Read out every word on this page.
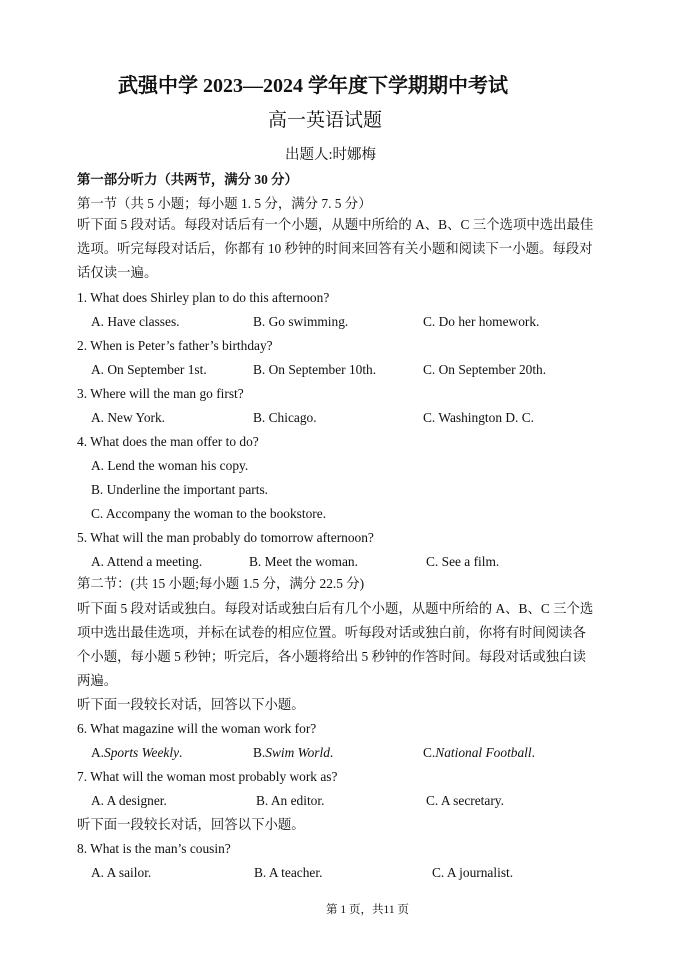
武强中学 2023—2024 学年度下学期期中考试
高一英语试题
出题人:时娜梅
第一部分听力（共两节，满分 30 分）
第一节（共 5 小题；每小题 1. 5 分，满分 7. 5 分）
听下面 5 段对话。每段对话后有一个小题，从题中所给的 A、B、C 三个选项中选出最佳
选项。听完每段对话后，你都有 10 秒钟的时间来回答有关小题和阅读下一小题。每段对
话仅读一遍。
1. What does Shirley plan to do this afternoon?
A. Have classes.	B. Go swimming.	C. Do her homework.
2. When is Peter’s father’s birthday?
A. On September 1st.	B. On September 10th.	C. On September 20th.
3. Where will the man go first?
A. New York.	B. Chicago.	C. Washington D. C.
4. What does the man offer to do?
A. Lend the woman his copy.
B. Underline the important parts.
C. Accompany the woman to the bookstore.
5. What will the man probably do tomorrow afternoon?
A. Attend a meeting.	B. Meet the woman.	C. See a film.
第二节：(共 15 小题;每小题 1.5 分，满分 22.5 分)
听下面 5 段对话或独白。每段对话或独白后有几个小题，从题中所给的 A、B、C 三个选
项中选出最佳选项，并标在试卷的相应位置。听每段对话或独白前，你将有时间阅读各
个小题，每小题 5 秒钟；听完后，各小题将给出 5 秒钟的作答时间。每段对话或独白读
两遍。
听下面一段较长对话，回答以下小题。
6. What magazine will the woman work for?
A.Sports Weekly.	B.Swim World.	C.National Football.
7. What will the woman most probably work as?
A. A designer.	B. An editor.	C. A secretary.
听下面一段较长对话，回答以下小题。
8. What is the man’s cousin?
A. A sailor.	B. A teacher.	C. A journalist.
第 1 页，共11 页
